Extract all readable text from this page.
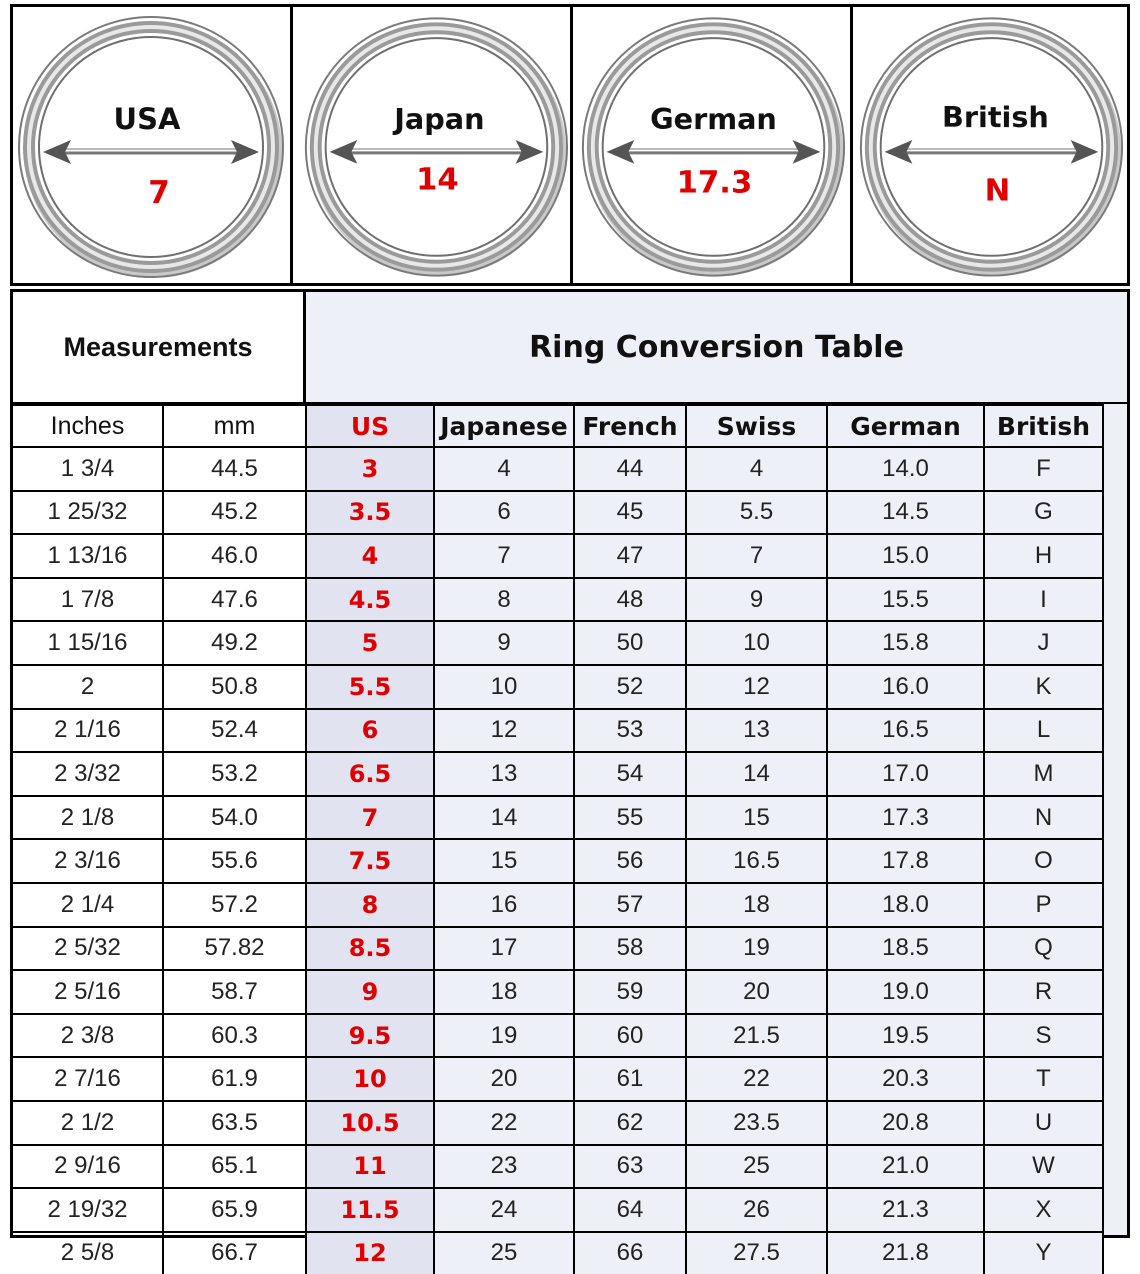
USA
7
Japan
14
German
17.3
British
N
Measurements	Ring Conversion Table
Inches	mm	US	Japanese	French	Swiss	German	British
1 3/4	44.5	3	4	44	4	14.0	F
1 25/32	45.2	3.5	6	45	5.5	14.5	G
1 13/16	46.0	4	7	47	7	15.0	H
1 7/8	47.6	4.5	8	48	9	15.5	I
1 15/16	49.2	5	9	50	10	15.8	J
2	50.8	5.5	10	52	12	16.0	K
2 1/16	52.4	6	12	53	13	16.5	L
2 3/32	53.2	6.5	13	54	14	17.0	M
2 1/8	54.0	7	14	55	15	17.3	N
2 3/16	55.6	7.5	15	56	16.5	17.8	O
2 1/4	57.2	8	16	57	18	18.0	P
2 5/32	57.82	8.5	17	58	19	18.5	Q
2 5/16	58.7	9	18	59	20	19.0	R
2 3/8	60.3	9.5	19	60	21.5	19.5	S
2 7/16	61.9	10	20	61	22	20.3	T
2 1/2	63.5	10.5	22	62	23.5	20.8	U
2 9/16	65.1	11	23	63	25	21.0	W
2 19/32	65.9	11.5	24	64	26	21.3	X
2 5/8	66.7	12	25	66	27.5	21.8	Y
